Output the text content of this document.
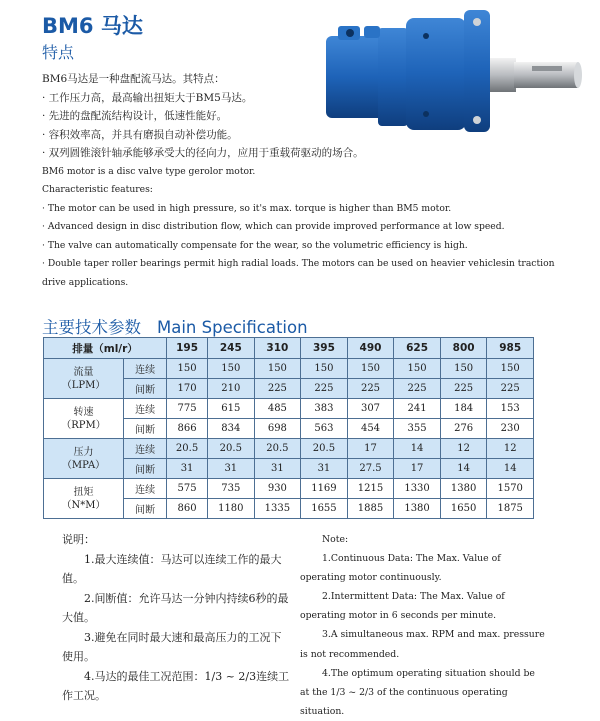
BM6 马达
特点
BM6马达是一种盘配流马达。其特点：
· 工作压力高，最高输出扭矩大于BM5马达。
· 先进的盘配流结构设计，低速性能好。
· 容积效率高，并具有磨损自动补偿功能。
· 双列圆锥滚针轴承能够承受大的径向力，应用于重载荷驱动的场合。
BM6 motor is a disc valve type gerolor motor.
Characteristic features:
· The motor can be used in high pressure, so it's max. torque is higher than BM5 motor.
· Advanced design in disc distribution flow, which can provide improved performance at low speed.
· The valve can automatically compensate for the wear, so the volumetric efficiency is high.
· Double taper roller bearings permit high radial loads. The motors can be used on heavier vehiclesin traction drive applications.
主要技术参数 Main Specification
排量（ml/r）		195	245	310	395	490	625	800	985
流量
（LPM）	连续	150	150	150	150	150	150	150	150
	间断	170	210	225	225	225	225	225	225
转速
（RPM）	连续	775	615	485	383	307	241	184	153
	间断	866	834	698	563	454	355	276	230
压力
（MPA）	连续	20.5	20.5	20.5	20.5	17	14	12	12
	间断	31	31	31	31	27.5	17	14	14
扭矩
（N*M）	连续	575	735	930	1169	1215	1330	1380	1570
	间断	860	1180	1335	1655	1885	1380	1650	1875
说明：
1.最大连续值：马达可以连续工作的最大值。
2.间断值：允许马达一分钟内持续6秒的最大值。
3.避免在同时最大速和最高压力的工况下使用。
4.马达的最佳工况范围：1/3 ~ 2/3连续工作工况。
Note:
1.Continuous Data: The Max. Value of operating motor continuously.
2.Intermittent Data: The Max. Value of operating motor in 6 seconds per minute.
3.A simultaneous max. RPM and max. pressure is not recommended.
4.The optimum operating situation should be at the 1/3 ~ 2/3 of the continuous operating situation.
